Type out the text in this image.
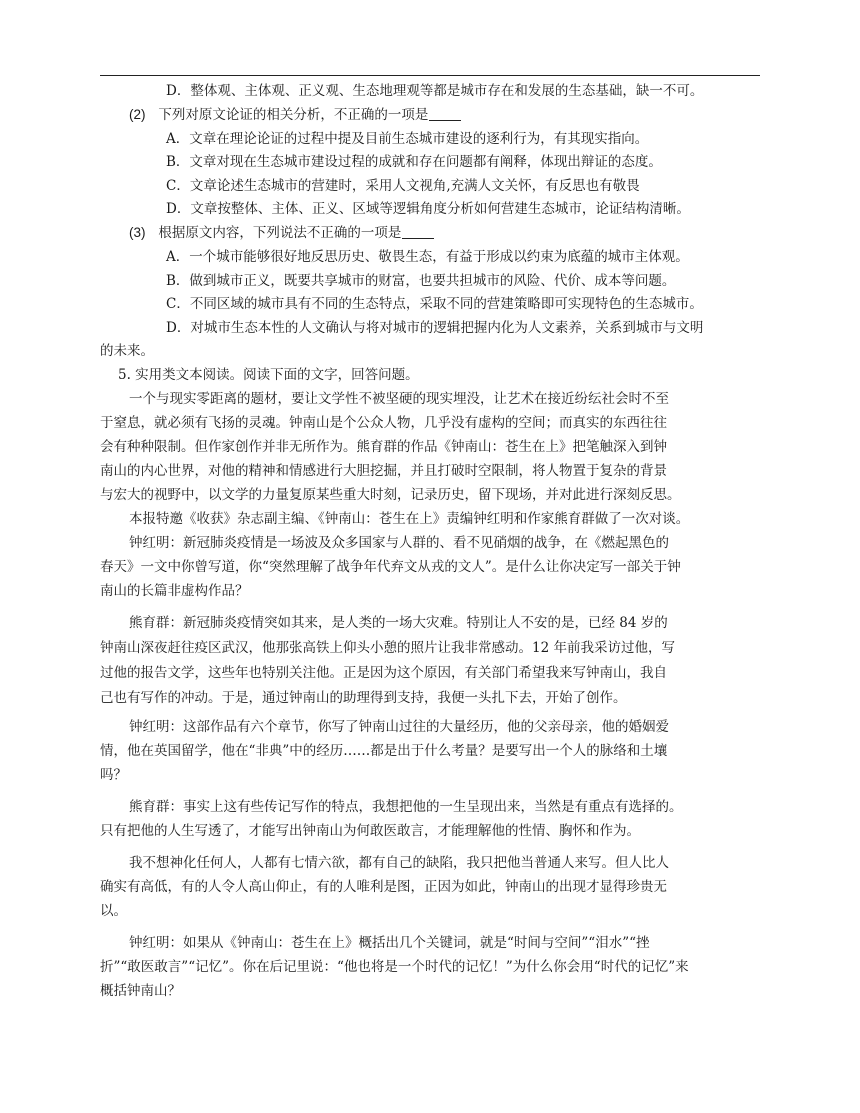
D．整体观、主体观、正义观、生态地理观等都是城市存在和发展的生态基础，缺一不可。
(2) 下列对原文论证的相关分析，不正确的一项是
A．文章在理论论证的过程中提及目前生态城市建设的逐利行为，有其现实指向。
B．文章对现在生态城市建设过程的成就和存在问题都有阐释，体现出辩证的态度。
C．文章论述生态城市的营建时，采用人文视角,充满人文关怀，有反思也有敬畏
D．文章按整体、主体、正义、区域等逻辑角度分析如何营建生态城市，论证结构清晰。
(3) 根据原文内容，下列说法不正确的一项是
A．一个城市能够很好地反思历史、敬畏生态，有益于形成以约束为底蕴的城市主体观。
B．做到城市正义，既要共享城市的财富，也要共担城市的风险、代价、成本等问题。
C．不同区域的城市具有不同的生态特点，采取不同的营建策略即可实现特色的生态城市。
D．对城市生态本性的人文确认与将对城市的逻辑把握内化为人文素养，关系到城市与文明
的未来。
5. 实用类文本阅读。阅读下面的文字，回答问题。
一个与现实零距离的题材，要让文学性不被坚硬的现实埋没，让艺术在接近纷纭社会时不至
于窒息，就必须有飞扬的灵魂。钟南山是个公众人物，几乎没有虚构的空间；而真实的东西往往
会有种种限制。但作家创作并非无所作为。熊育群的作品《钟南山：苍生在上》把笔触深入到钟
南山的内心世界，对他的精神和情感进行大胆挖掘，并且打破时空限制，将人物置于复杂的背景
与宏大的视野中，以文学的力量复原某些重大时刻，记录历史，留下现场，并对此进行深刻反思。
本报特邀《收获》杂志副主编、《钟南山：苍生在上》责编钟红明和作家熊育群做了一次对谈。
钟红明：新冠肺炎疫情是一场波及众多国家与人群的、看不见硝烟的战争，在《燃起黑色的
春天》一文中你曾写道，你“突然理解了战争年代弃文从戎的文人”。是什么让你决定写一部关于钟
南山的长篇非虚构作品？
熊育群：新冠肺炎疫情突如其来，是人类的一场大灾难。特别让人不安的是，已经 84 岁的
钟南山深夜赶往疫区武汉，他那张高铁上仰头小憩的照片让我非常感动。12 年前我采访过他，写
过他的报告文学，这些年也特别关注他。正是因为这个原因，有关部门希望我来写钟南山，我自
己也有写作的冲动。于是，通过钟南山的助理得到支持，我便一头扎下去，开始了创作。
钟红明：这部作品有六个章节，你写了钟南山过往的大量经历，他的父亲母亲，他的婚姻爱
情，他在英国留学，他在“非典”中的经历……都是出于什么考量？是要写出一个人的脉络和土壤
吗？
熊育群：事实上这有些传记写作的特点，我想把他的一生呈现出来，当然是有重点有选择的。
只有把他的人生写透了，才能写出钟南山为何敢医敢言，才能理解他的性情、胸怀和作为。
我不想神化任何人，人都有七情六欲，都有自己的缺陷，我只把他当普通人来写。但人比人
确实有高低，有的人令人高山仰止，有的人唯利是图，正因为如此，钟南山的出现才显得珍贵无
以。
钟红明：如果从《钟南山：苍生在上》概括出几个关键词，就是“时间与空间”“泪水”“挫
折”“敢医敢言”“记忆”。你在后记里说：“他也将是一个时代的记忆！”为什么你会用“时代的记忆”来
概括钟南山？
